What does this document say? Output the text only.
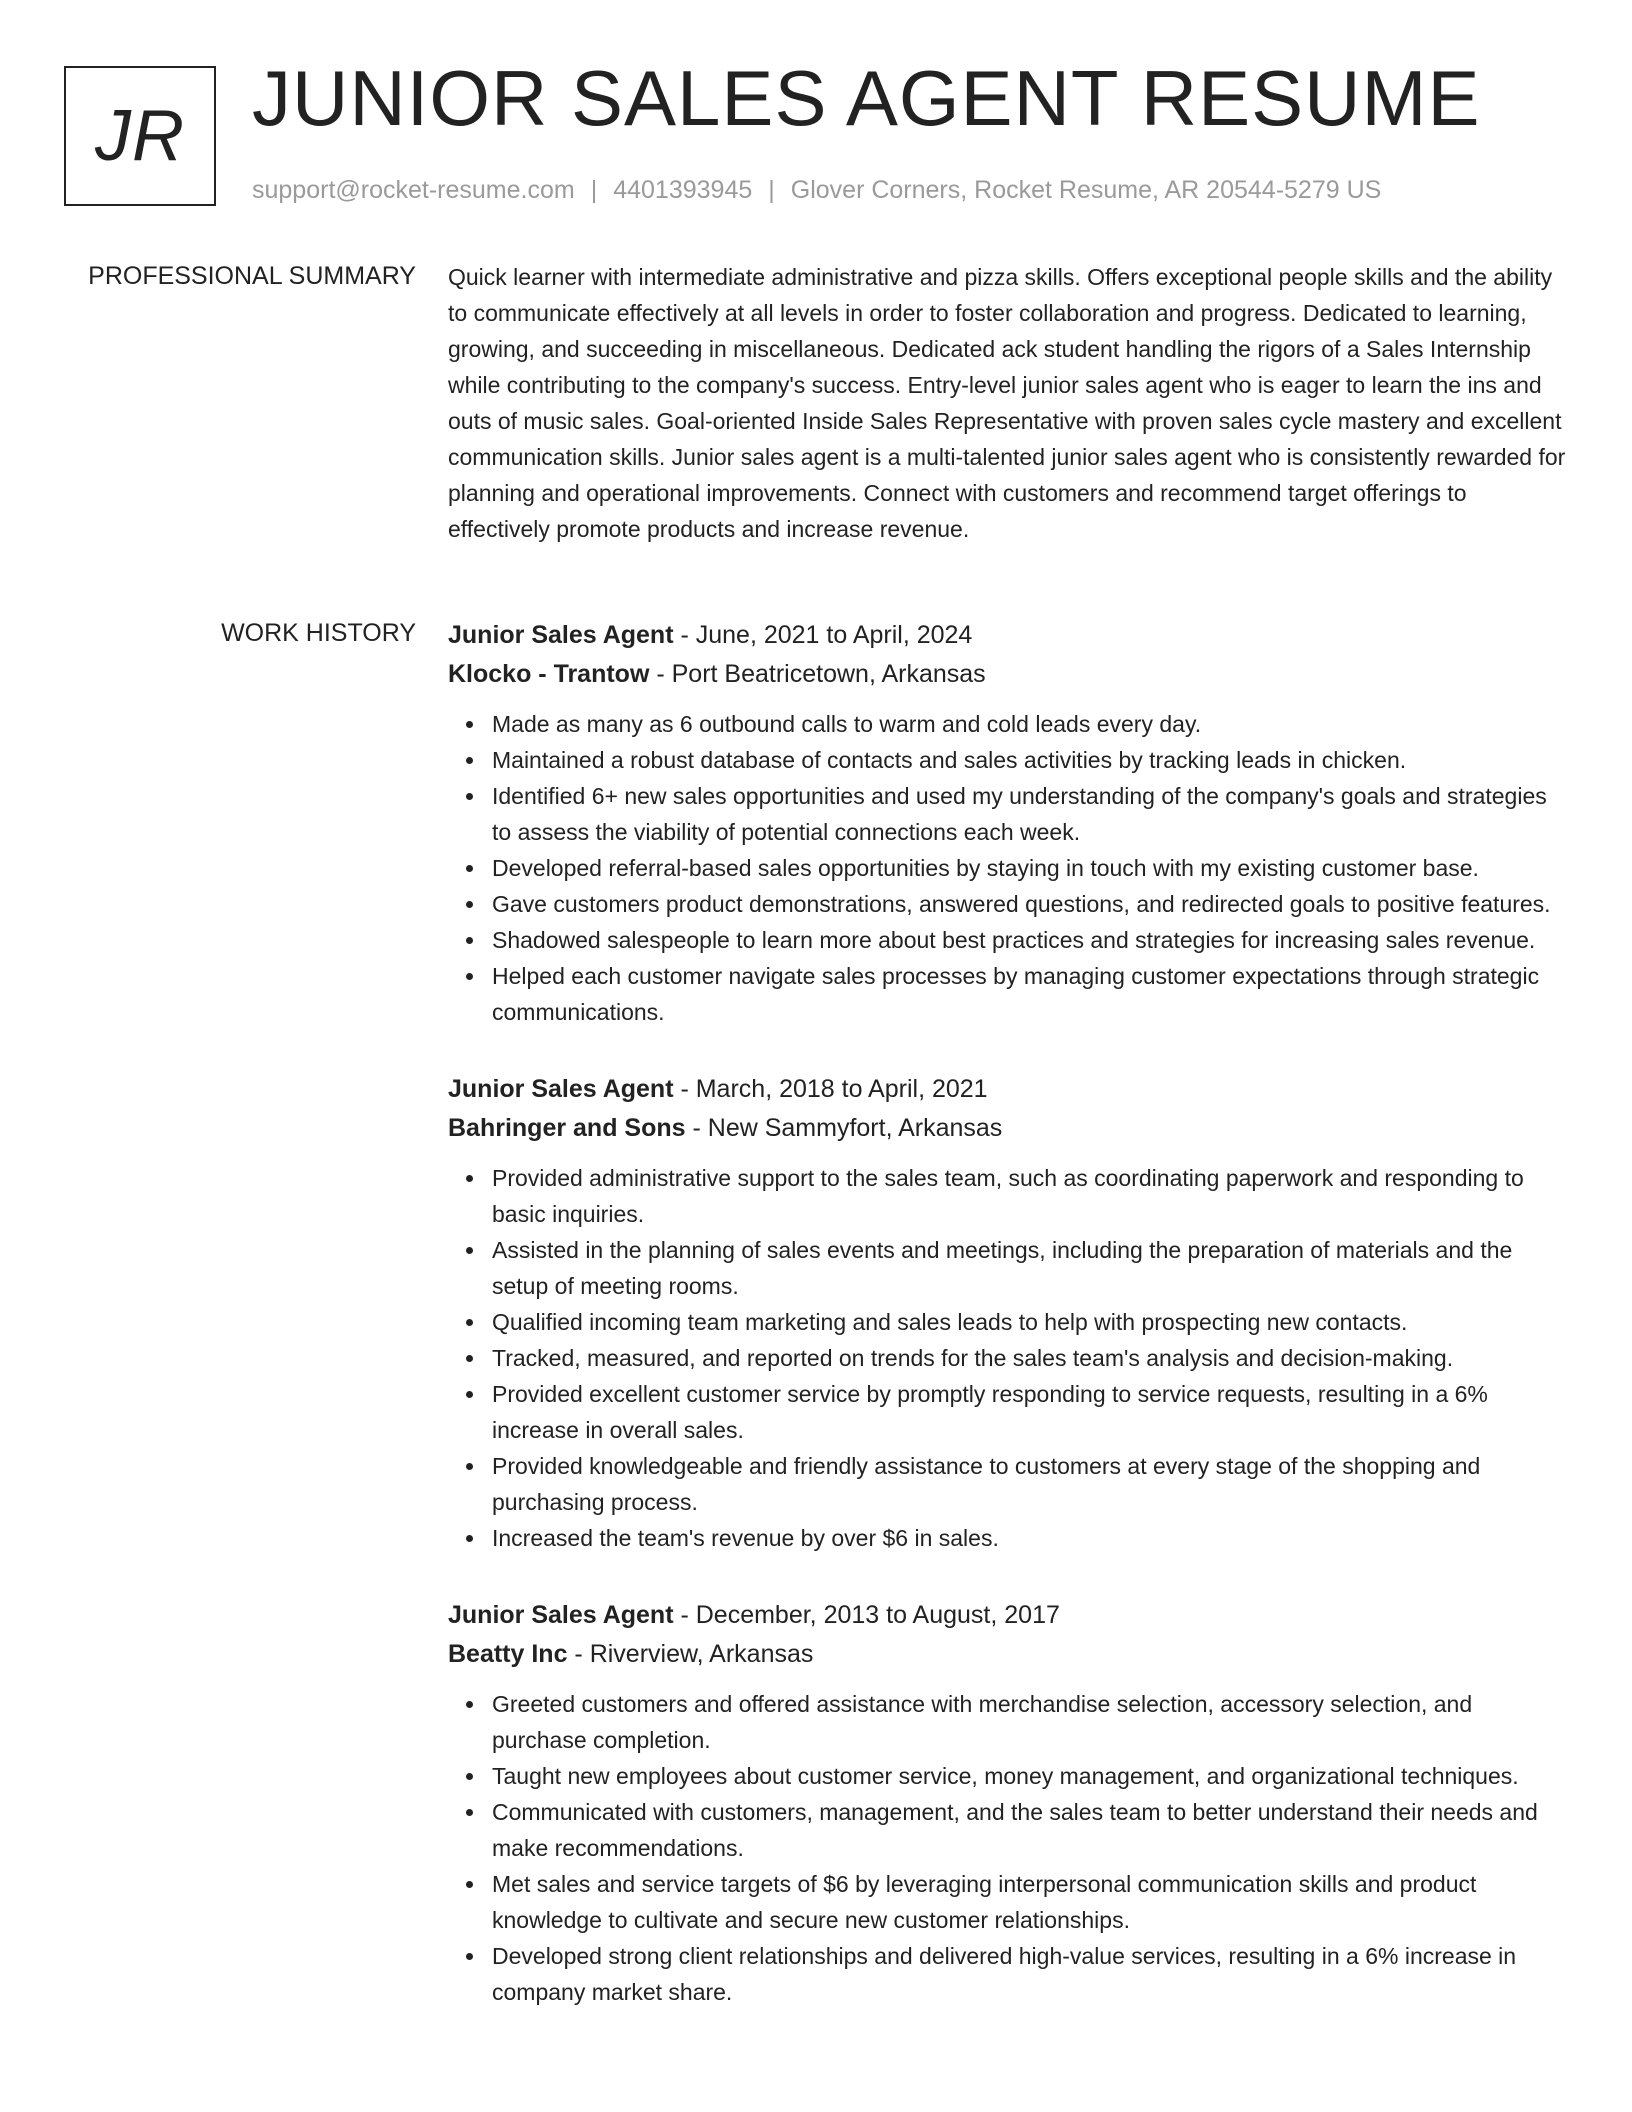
JR JUNIOR SALES AGENT RESUME
support@rocket-resume.com | 4401393945 | Glover Corners, Rocket Resume, AR 20544-5279 US
PROFESSIONAL SUMMARY Quick learner with intermediate administrative and pizza skills. Offers exceptional people skills and the ability to communicate effectively at all levels in order to foster collaboration and progress. Dedicated to learning, growing, and succeeding in miscellaneous. Dedicated ack student handling the rigors of a Sales Internship while contributing to the company's success. Entry-level junior sales agent who is eager to learn the ins and outs of music sales. Goal-oriented Inside Sales Representative with proven sales cycle mastery and excellent communication skills. Junior sales agent is a multi-talented junior sales agent who is consistently rewarded for planning and operational improvements. Connect with customers and recommend target offerings to effectively promote products and increase revenue.

WORK HISTORY Junior Sales Agent - June, 2021 to April, 2024

Klocko - Trantow - Port Beatricetown, Arkansas

Made as many as 6 outbound calls to warm and cold leads every day.
Maintained a robust database of contacts and sales activities by tracking leads in chicken.
Identified 6+ new sales opportunities and used my understanding of the company's goals and strategies to assess the viability of potential connections each week.
Developed referral-based sales opportunities by staying in touch with my existing customer base.
Gave customers product demonstrations, answered questions, and redirected goals to positive features.
Shadowed salespeople to learn more about best practices and strategies for increasing sales revenue.
Helped each customer navigate sales processes by managing customer expectations through strategic communications.

Junior Sales Agent - March, 2018 to April, 2021

Bahringer and Sons - New Sammyfort, Arkansas

Provided administrative support to the sales team, such as coordinating paperwork and responding to basic inquiries.
Assisted in the planning of sales events and meetings, including the preparation of materials and the setup of meeting rooms.
Qualified incoming team marketing and sales leads to help with prospecting new contacts.
Tracked, measured, and reported on trends for the sales team's analysis and decision-making.
Provided excellent customer service by promptly responding to service requests, resulting in a 6% increase in overall sales.
Provided knowledgeable and friendly assistance to customers at every stage of the shopping and purchasing process.
Increased the team's revenue by over $6 in sales.

Junior Sales Agent - December, 2013 to August, 2017

Beatty Inc - Riverview, Arkansas

Greeted customers and offered assistance with merchandise selection, accessory selection, and purchase completion.
Taught new employees about customer service, money management, and organizational techniques.
Communicated with customers, management, and the sales team to better understand their needs and make recommendations.
Met sales and service targets of $6 by leveraging interpersonal communication skills and product knowledge to cultivate and secure new customer relationships.
Developed strong client relationships and delivered high-value services, resulting in a 6% increase in company market share.
